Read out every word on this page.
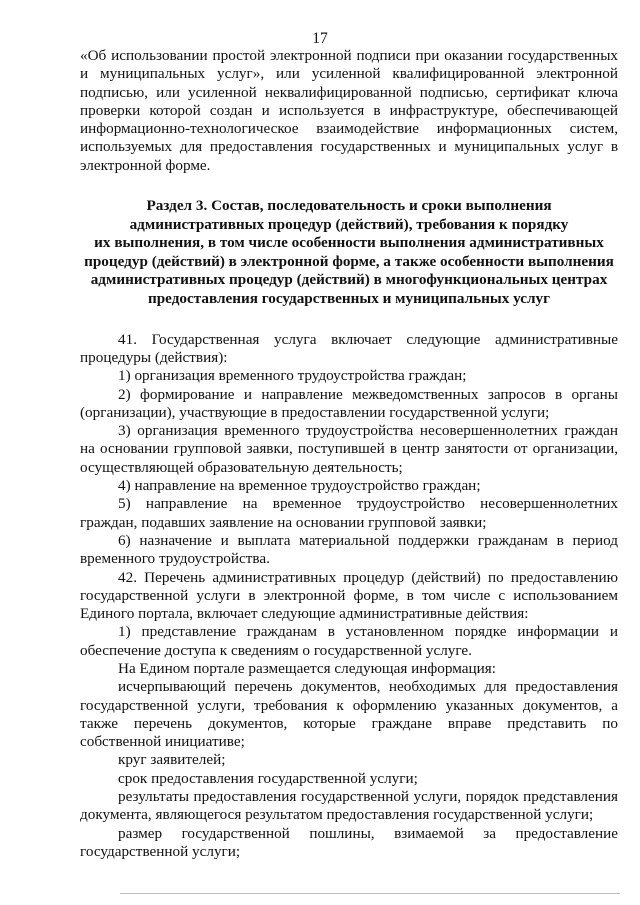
17

«Об использовании простой электронной подписи при оказании государственных и муниципальных услуг», или усиленной квалифицированной электронной подписью, или усиленной неквалифицированной подписью, сертификат ключа проверки которой создан и используется в инфраструктуре, обеспечивающей информационно-технологическое взаимодействие информационных систем, используемых для предоставления государственных и муниципальных услуг в электронной форме.

Раздел 3. Состав, последовательность и сроки выполнения
административных процедур (действий), требования к порядку
их выполнения, в том числе особенности выполнения административных
процедур (действий) в электронной форме, а также особенности выполнения
административных процедур (действий) в многофункциональных центрах
предоставления государственных и муниципальных услуг

41. Государственная услуга включает следующие административные процедуры (действия):

1) организация временного трудоустройства граждан;

2) формирование и направление межведомственных запросов в органы (организации), участвующие в предоставлении государственной услуги;

3) организация временного трудоустройства несовершеннолетних граждан на основании групповой заявки, поступившей в центр занятости от организации, осуществляющей образовательную деятельность;

4) направление на временное трудоустройство граждан;

5) направление на временное трудоустройство несовершеннолетних граждан, подавших заявление на основании групповой заявки;

6) назначение и выплата материальной поддержки гражданам в период временного трудоустройства.

42. Перечень административных процедур (действий) по предоставлению государственной услуги в электронной форме, в том числе с использованием Единого портала, включает следующие административные действия:

1) представление гражданам в установленном порядке информации и обеспечение доступа к сведениям о государственной услуге.

На Едином портале размещается следующая информация:

исчерпывающий перечень документов, необходимых для предоставления государственной услуги, требования к оформлению указанных документов, а также перечень документов, которые граждане вправе представить по собственной инициативе;

круг заявителей;

срок предоставления государственной услуги;

результаты предоставления государственной услуги, порядок представления документа, являющегося результатом предоставления государственной услуги;

размер государственной пошлины, взимаемой за предоставление государственной услуги;
